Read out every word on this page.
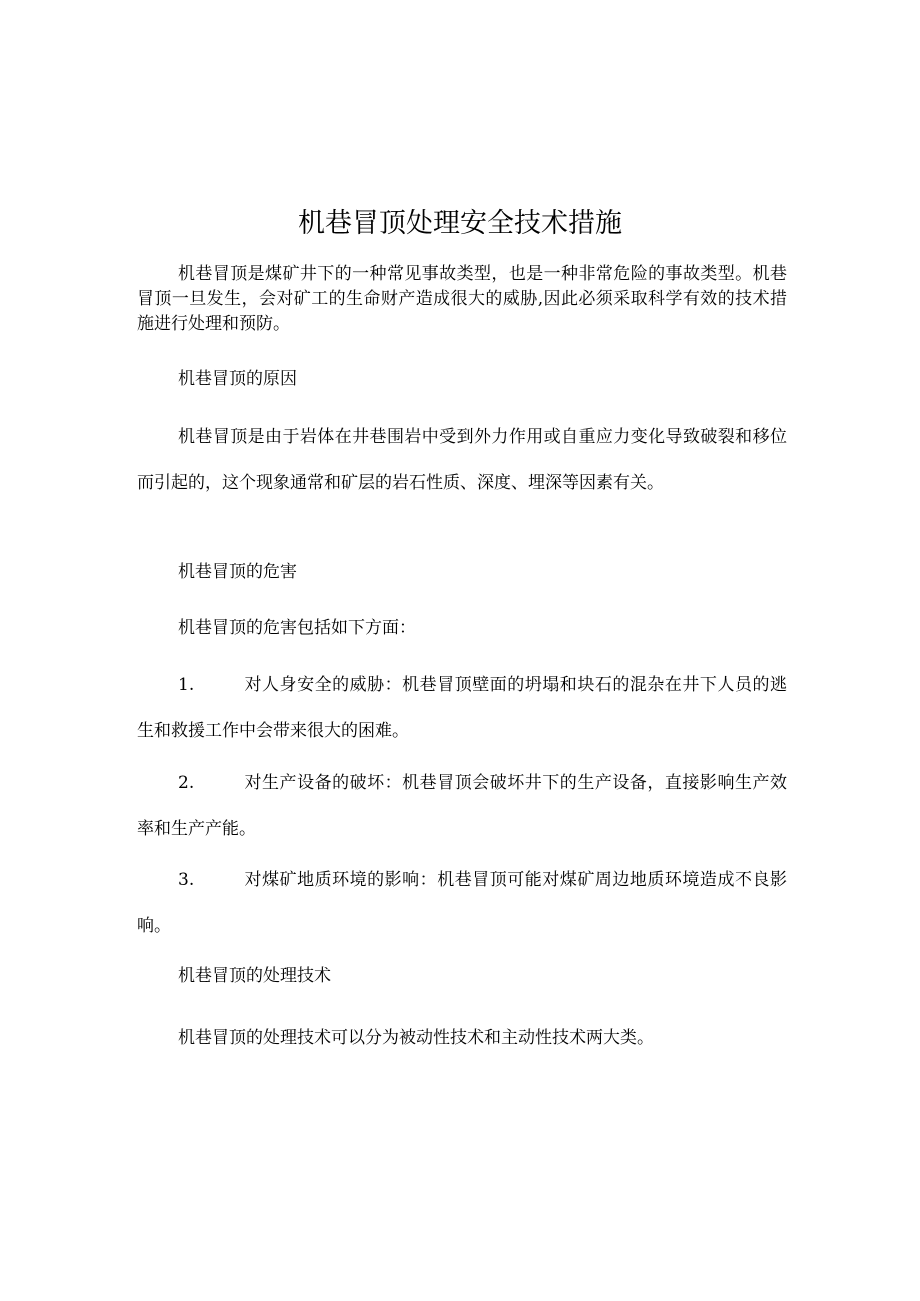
机巷冒顶处理安全技术措施

机巷冒顶是煤矿井下的一种常见事故类型，也是一种非常危险的事故类型。机巷冒顶一旦发生，会对矿工的生命财产造成很大的威胁,因此必须采取科学有效的技术措施进行处理和预防。

机巷冒顶的原因

机巷冒顶是由于岩体在井巷围岩中受到外力作用或自重应力变化导致破裂和移位而引起的，这个现象通常和矿层的岩石性质、深度、埋深等因素有关。

机巷冒顶的危害

机巷冒顶的危害包括如下方面：

1.	对人身安全的威胁：机巷冒顶壁面的坍塌和块石的混杂在井下人员的逃生和救援工作中会带来很大的困难。

2.	对生产设备的破坏：机巷冒顶会破坏井下的生产设备，直接影响生产效率和生产产能。

3.	对煤矿地质环境的影响：机巷冒顶可能对煤矿周边地质环境造成不良影响。

机巷冒顶的处理技术

机巷冒顶的处理技术可以分为被动性技术和主动性技术两大类。
